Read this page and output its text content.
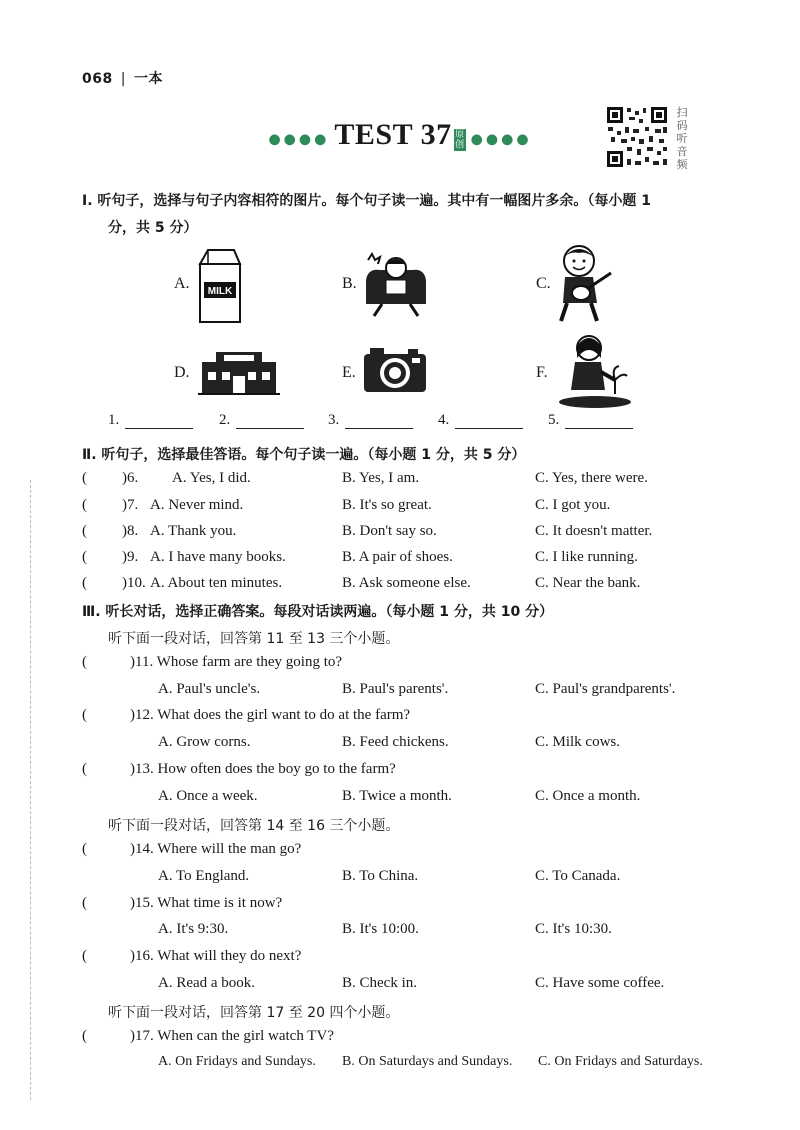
068 | 一本
●●●● TEST 37 原创 ●●●●
扫码听音频
Ⅰ. 听句子，选择与句子内容相符的图片。每个句子读一遍。其中有一幅图片多余。（每小题 1
分，共 5 分）
A. MILK	B.	C.
D.	E.	F.
1.	2.	3.	4.	5.
Ⅱ. 听句子，选择最佳答语。每个句子读一遍。（每小题 1 分，共 5 分）
(	)6. A. Yes, I did.	B. Yes, I am.	C. Yes, there were.
(	)7. A. Never mind.	B. It's so great.	C. I got you.
(	)8. A. Thank you.	B. Don't say so.	C. It doesn't matter.
(	)9. A. I have many books.	B. A pair of shoes.	C. I like running.
(	)10. A. About ten minutes.	B. Ask someone else.	C. Near the bank.
Ⅲ. 听长对话，选择正确答案。每段对话读两遍。（每小题 1 分，共 10 分）
听下面一段对话，回答第 11 至 13 三个小题。
(	)11. Whose farm are they going to?
A. Paul's uncle's.	B. Paul's parents'.	C. Paul's grandparents'.
(	)12. What does the girl want to do at the farm?
A. Grow corns.	B. Feed chickens.	C. Milk cows.
(	)13. How often does the boy go to the farm?
A. Once a week.	B. Twice a month.	C. Once a month.
听下面一段对话，回答第 14 至 16 三个小题。
(	)14. Where will the man go?
A. To England.	B. To China.	C. To Canada.
(	)15. What time is it now?
A. It's 9:30.	B. It's 10:00.	C. It's 10:30.
(	)16. What will they do next?
A. Read a book.	B. Check in.	C. Have some coffee.
听下面一段对话，回答第 17 至 20 四个小题。
(	)17. When can the girl watch TV?
A. On Fridays and Sundays. B. On Saturdays and Sundays. C. On Fridays and Saturdays.
